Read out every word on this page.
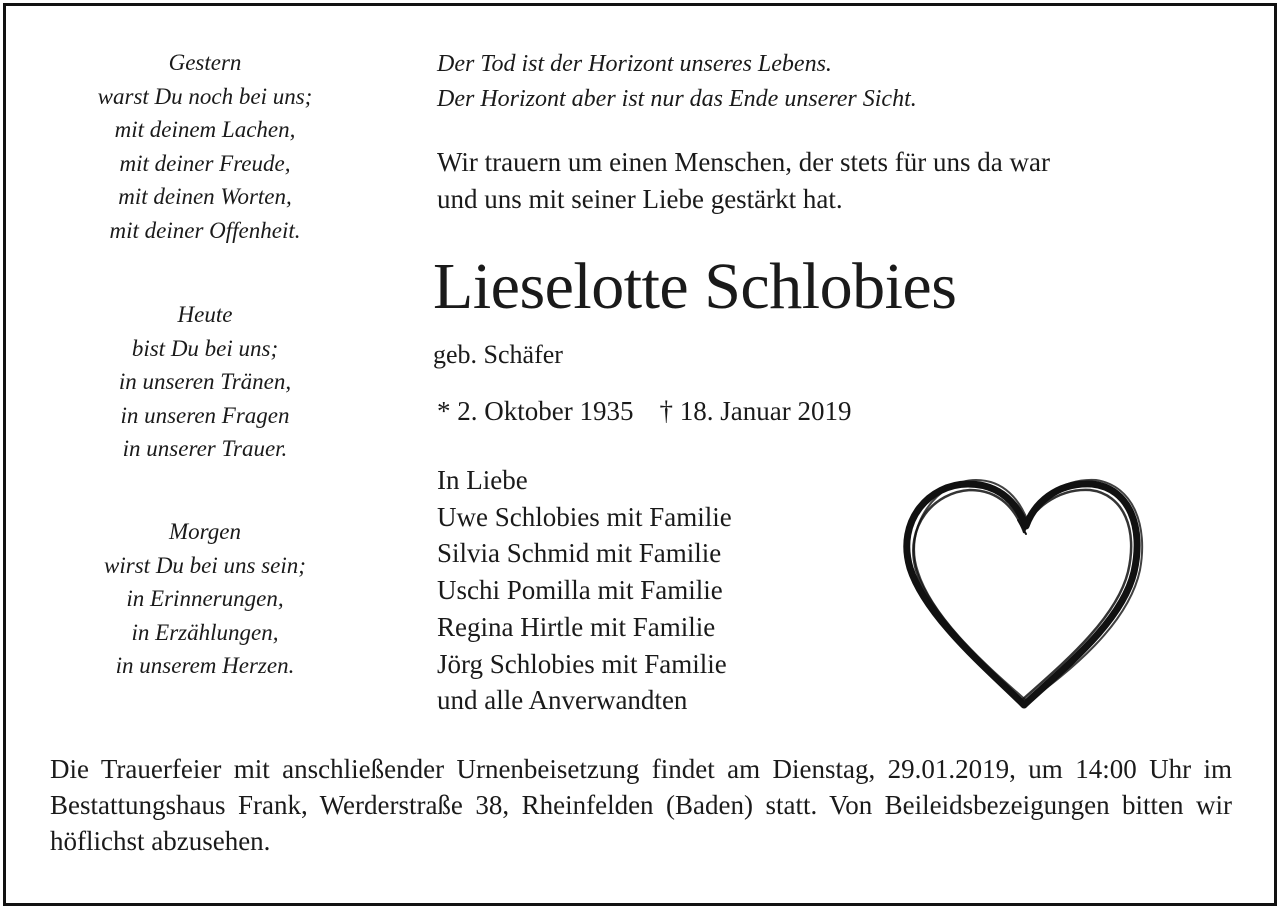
Gestern
warst Du noch bei uns;
mit deinem Lachen,
mit deiner Freude,
mit deinen Worten,
mit deiner Offenheit.
Heute
bist Du bei uns;
in unseren Tränen,
in unseren Fragen
in unserer Trauer.
Morgen
wirst Du bei uns sein;
in Erinnerungen,
in Erzählungen,
in unserem Herzen.
Der Tod ist der Horizont unseres Lebens.
Der Horizont aber ist nur das Ende unserer Sicht.
Wir trauern um einen Menschen, der stets für uns da war
und uns mit seiner Liebe gestärkt hat.
Lieselotte Schlobies
geb. Schäfer
* 2. Oktober 1935 † 18. Januar 2019
In Liebe
Uwe Schlobies mit Familie
Silvia Schmid mit Familie
Uschi Pomilla mit Familie
Regina Hirtle mit Familie
Jörg Schlobies mit Familie
und alle Anverwandten
Die Trauerfeier mit anschließender Urnenbeisetzung findet am Dienstag, 29.01.2019, um 14:00 Uhr im Bestattungshaus Frank, Werderstraße 38, Rheinfelden (Baden) statt. Von Beileidsbezeigungen bitten wir höflichst abzusehen.
